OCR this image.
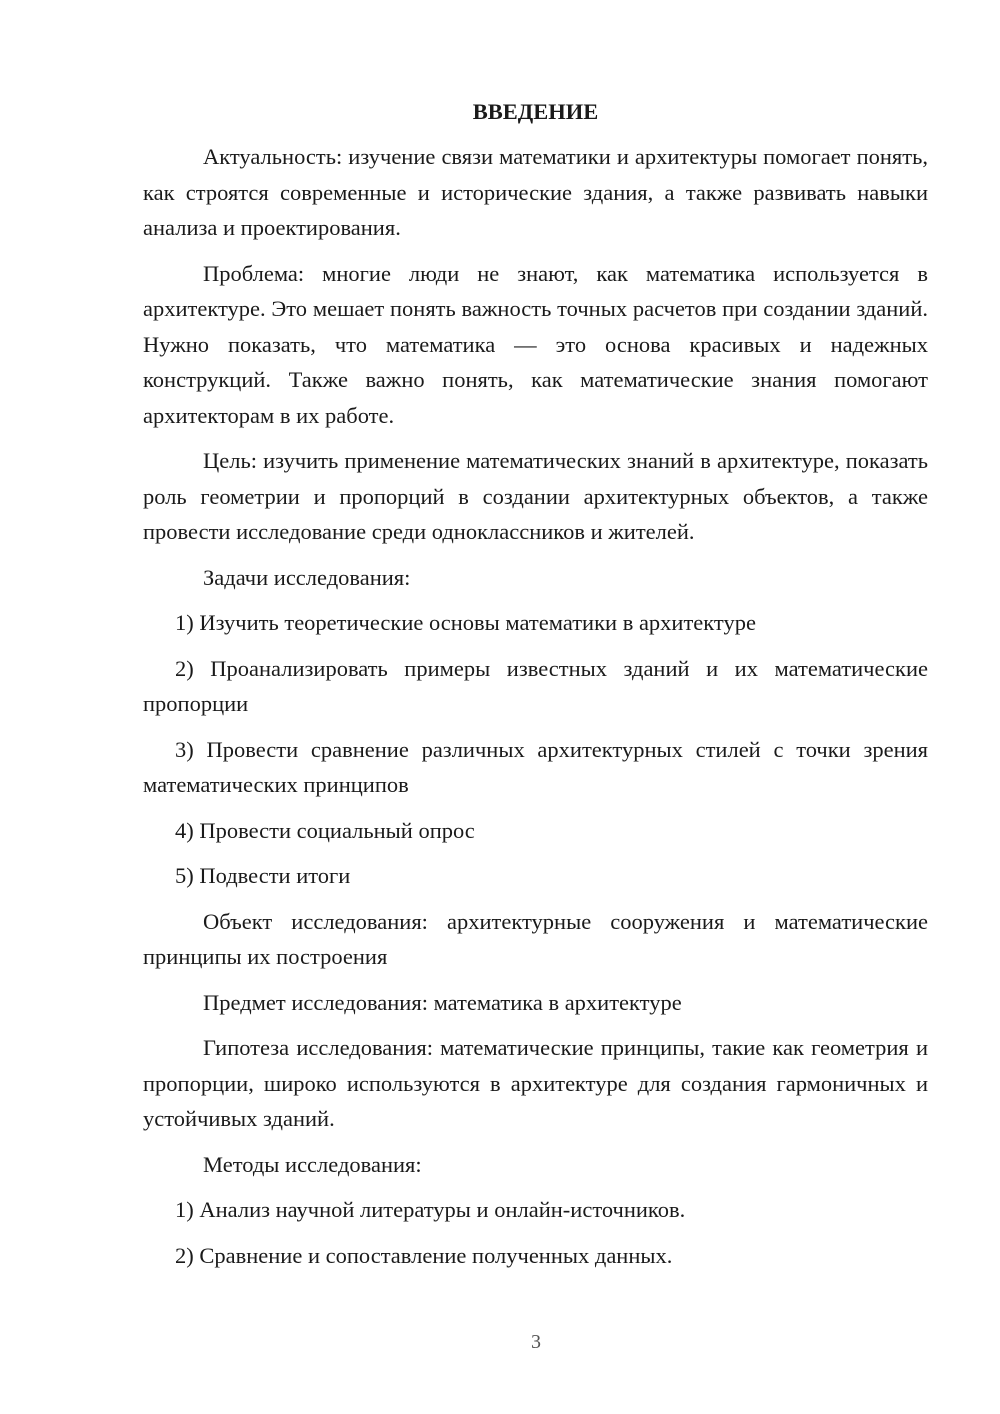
ВВЕДЕНИЕ

Актуальность: изучение связи математики и архитектуры помогает понять, как строятся современные и исторические здания, а также развивать навыки анализа и проектирования.

Проблема: многие люди не знают, как математика используется в архитектуре. Это мешает понять важность точных расчетов при создании зданий. Нужно показать, что математика — это основа красивых и надежных конструкций. Также важно понять, как математические знания помогают архитекторам в их работе.

Цель: изучить применение математических знаний в архитектуре, показать роль геометрии и пропорций в создании архитектурных объектов, а также провести исследование среди одноклассников и жителей.

Задачи исследования:

1) Изучить теоретические основы математики в архитектуре

2) Проанализировать примеры известных зданий и их математические пропорции

3) Провести сравнение различных архитектурных стилей с точки зрения математических принципов

4) Провести социальный опрос

5) Подвести итоги

Объект исследования: архитектурные сооружения и математические принципы их построения

Предмет исследования: математика в архитектуре

Гипотеза исследования: математические принципы, такие как геометрия и пропорции, широко используются в архитектуре для создания гармоничных и устойчивых зданий.

Методы исследования:

1) Анализ научной литературы и онлайн-источников.

2) Сравнение и сопоставление полученных данных.

3
